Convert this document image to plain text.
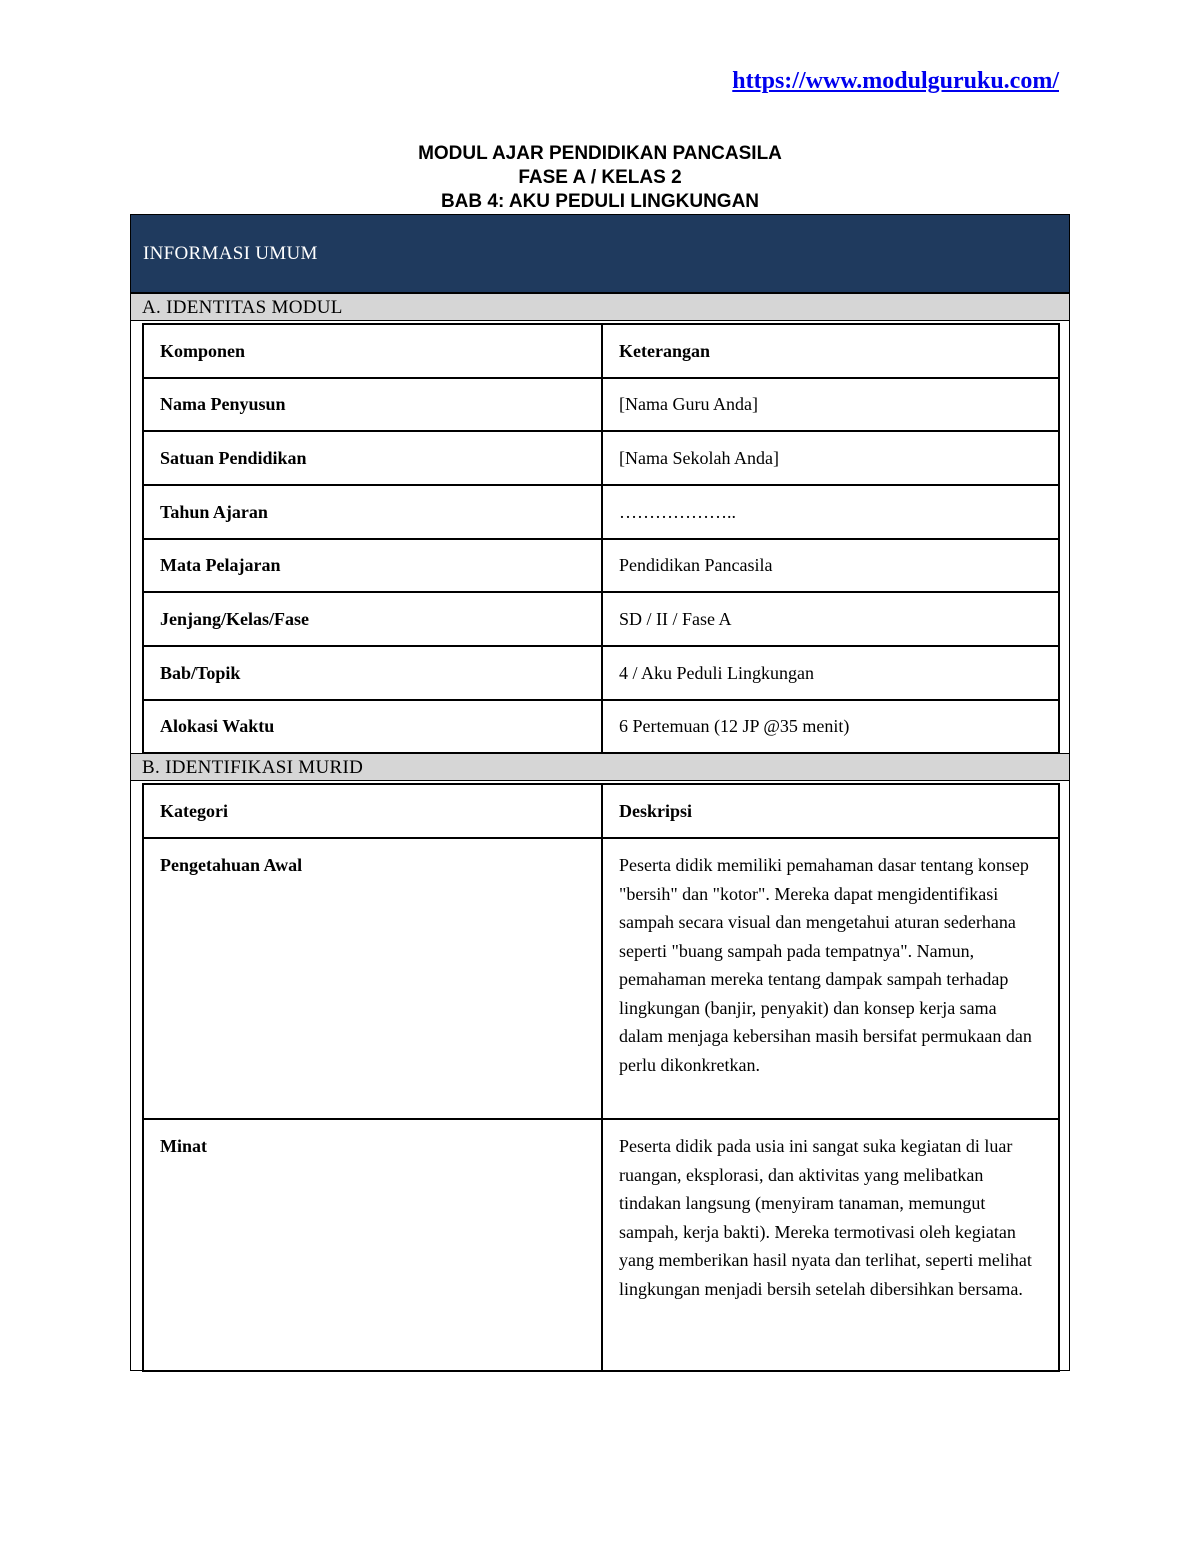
https://www.modulguruku.com/
MODUL AJAR PENDIDIKAN PANCASILA
FASE A / KELAS 2
BAB 4: AKU PEDULI LINGKUNGAN
INFORMASI UMUM
A. IDENTITAS MODUL
Komponen	Keterangan
Nama Penyusun	[Nama Guru Anda]
Satuan Pendidikan	[Nama Sekolah Anda]
Tahun Ajaran	………………..
Mata Pelajaran	Pendidikan Pancasila
Jenjang/Kelas/Fase	SD / II / Fase A
Bab/Topik	4 / Aku Peduli Lingkungan
Alokasi Waktu	6 Pertemuan (12 JP @35 menit)
B. IDENTIFIKASI MURID
Kategori	Deskripsi
Pengetahuan Awal	Peserta didik memiliki pemahaman dasar tentang konsep "bersih" dan "kotor". Mereka dapat mengidentifikasi sampah secara visual dan mengetahui aturan sederhana seperti "buang sampah pada tempatnya". Namun, pemahaman mereka tentang dampak sampah terhadap lingkungan (banjir, penyakit) dan konsep kerja sama dalam menjaga kebersihan masih bersifat permukaan dan perlu dikonkretkan.
Minat	Peserta didik pada usia ini sangat suka kegiatan di luar ruangan, eksplorasi, dan aktivitas yang melibatkan tindakan langsung (menyiram tanaman, memungut sampah, kerja bakti). Mereka termotivasi oleh kegiatan yang memberikan hasil nyata dan terlihat, seperti melihat lingkungan menjadi bersih setelah dibersihkan bersama.
